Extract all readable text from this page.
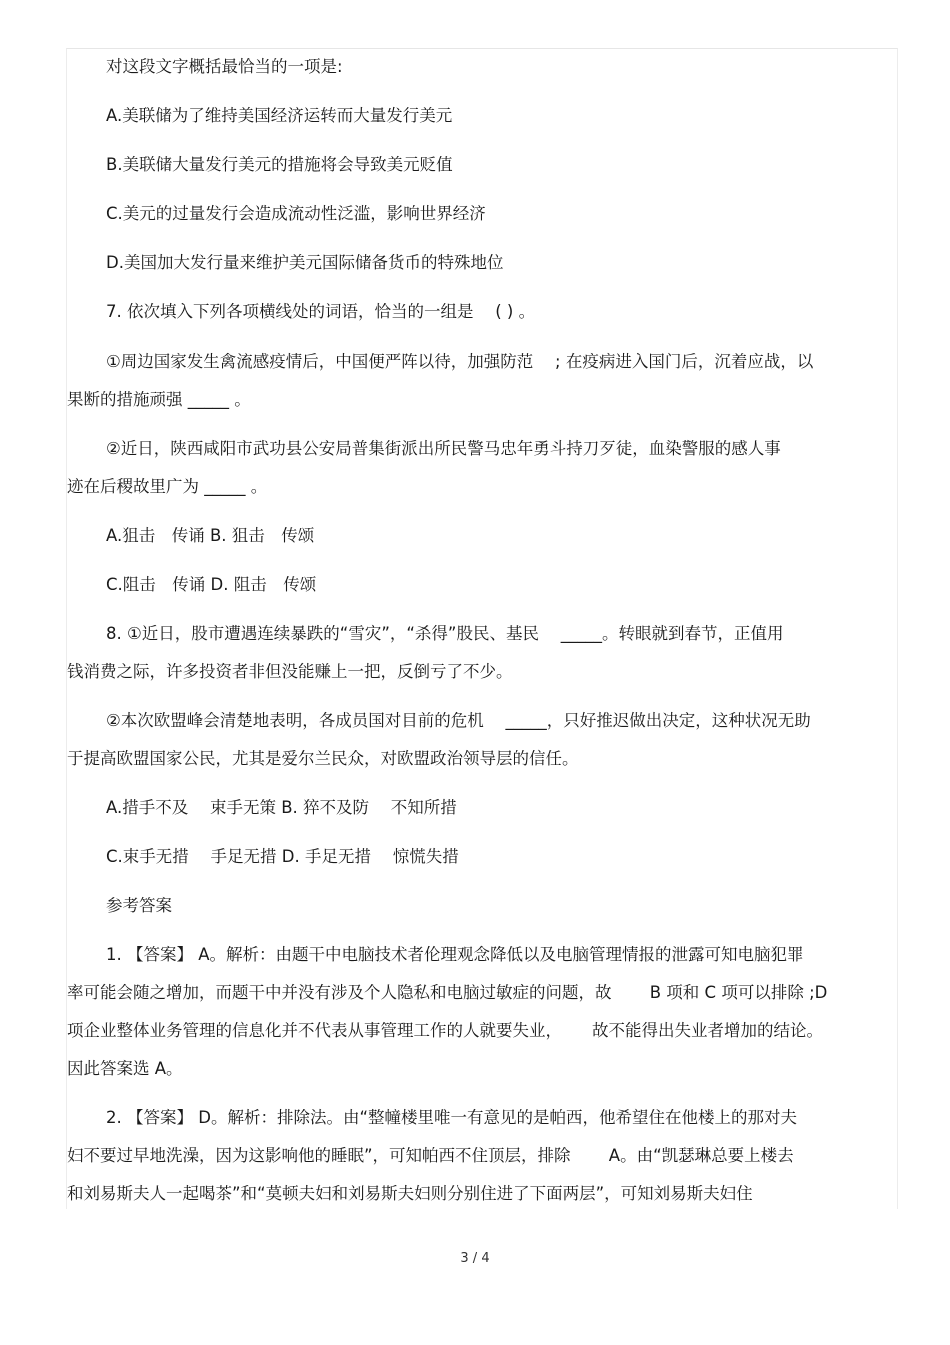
对这段文字概括最恰当的一项是:
A.美联储为了维持美国经济运转而大量发行美元
B.美联储大量发行美元的措施将会导致美元贬值
C.美元的过量发行会造成流动性泛滥，影响世界经济
D.美国加大发行量来维护美元国际储备货币的特殊地位
7. 依次填入下列各项横线处的词语，恰当的一组是　 ( ) 。
①周边国家发生禽流感疫情后，中国便严阵以待，加强防范　 ; 在疫病进入国门后，沉着应战，以
果断的措施顽强 _____ 。
②近日，陕西咸阳市武功县公安局普集街派出所民警马忠年勇斗持刀歹徒，血染警服的感人事
迹在后稷故里广为 _____ 。
A.狙击　传诵 B. 狙击　传颂
C.阻击　传诵 D. 阻击　传颂
8. ①近日，股市遭遇连续暴跌的“雪灾”，“杀得”股民、基民　 _____。转眼就到春节，正值用
钱消费之际，许多投资者非但没能赚上一把，反倒亏了不少。
②本次欧盟峰会清楚地表明，各成员国对目前的危机　 _____，只好推迟做出决定，这种状况无助
于提高欧盟国家公民，尤其是爱尔兰民众，对欧盟政治领导层的信任。
A.措手不及　 束手无策 B. 猝不及防　 不知所措
C.束手无措　 手足无措 D. 手足无措　 惊慌失措
参考答案
1. 【答案】 A。解析：由题干中电脑技术者伦理观念降低以及电脑管理情报的泄露可知电脑犯罪
率可能会随之增加，而题干中并没有涉及个人隐私和电脑过敏症的问题，故　　 B 项和 C 项可以排除 ;D
项企业整体业务管理的信息化并不代表从事管理工作的人就要失业，　　 故不能得出失业者增加的结论。
因此答案选 A。
2. 【答案】 D。解析：排除法。由“整幢楼里唯一有意见的是帕西，他希望住在他楼上的那对夫
妇不要过早地洗澡，因为这影响他的睡眠”，可知帕西不住顶层，排除　　 A。由“凯瑟琳总要上楼去
和刘易斯夫人一起喝茶”和“莫顿夫妇和刘易斯夫妇则分别住进了下面两层”，可知刘易斯夫妇住
3 / 4
